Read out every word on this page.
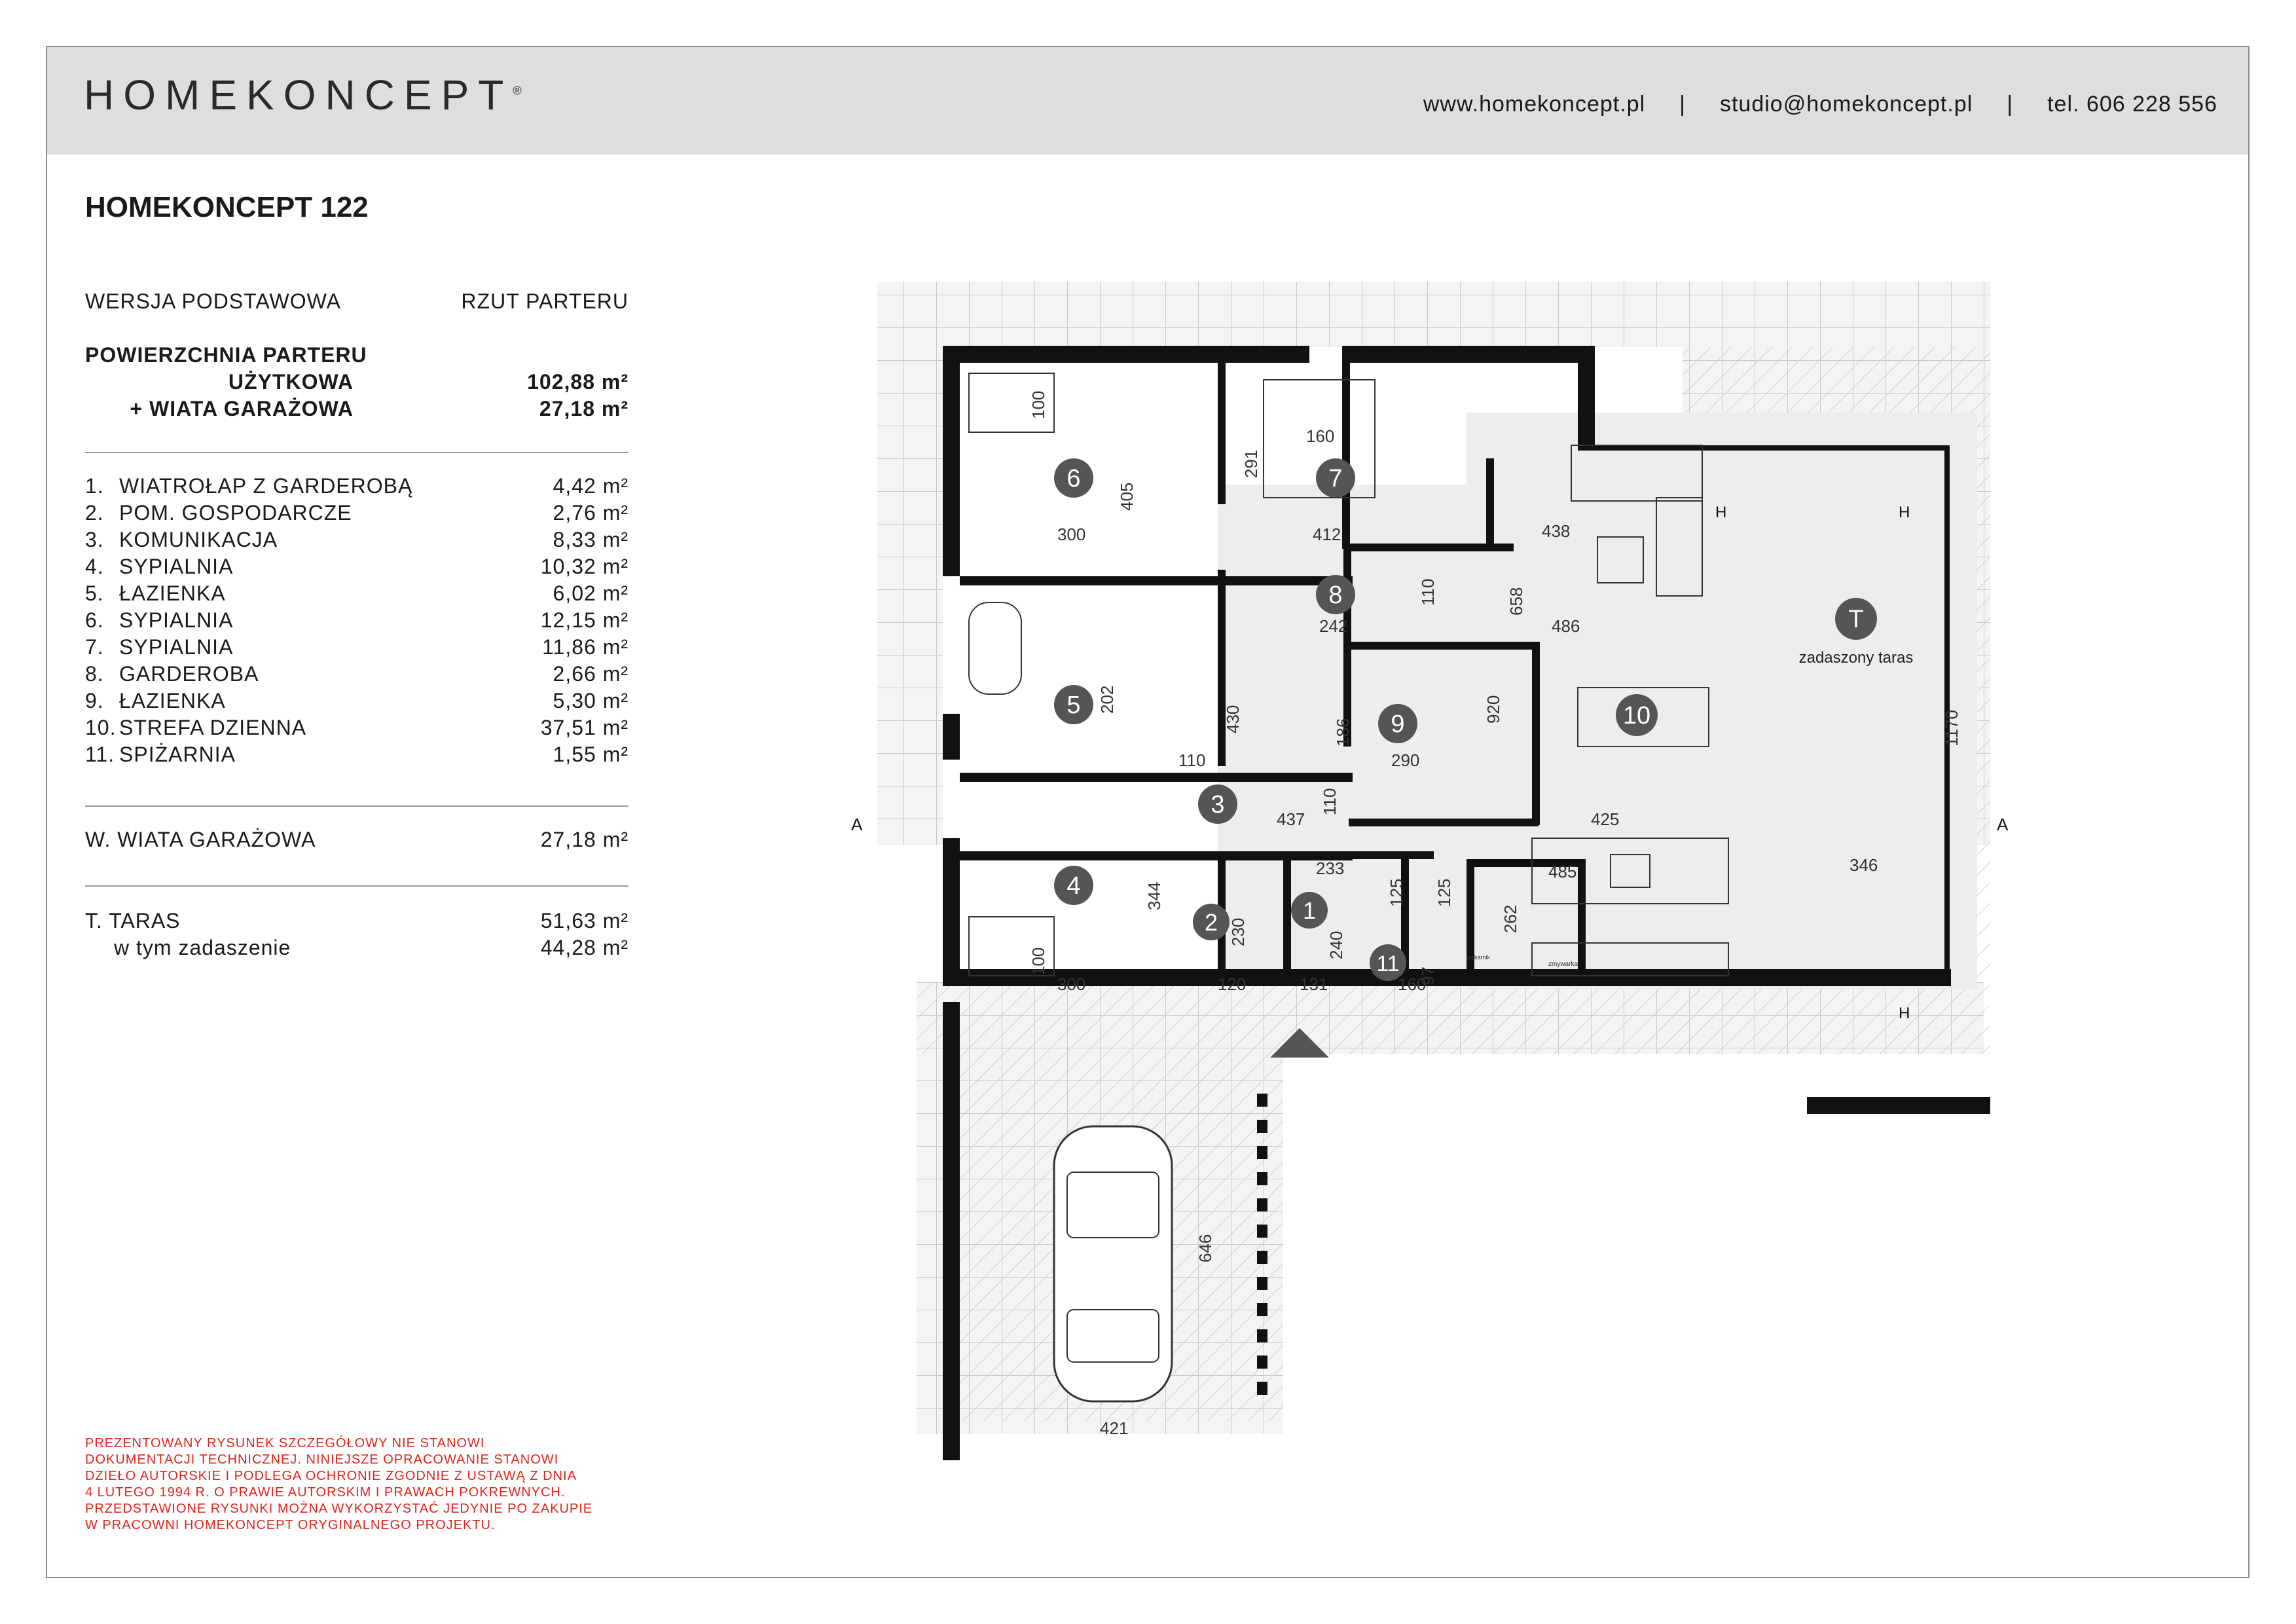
HOMEKONCEPT®
www.homekoncept.pl | studio@homekoncept.pl | tel. 606 228 556
HOMEKONCEPT 122
WERSJA PODSTAWOWA	RZUT PARTERU
POWIERZCHNIA PARTERU
UŻYTKOWA	102,88 m²
+ WIATA GARAŻOWA	27,18 m²
1. WIATROŁAP Z GARDEROBĄ	4,42 m²
2. POM. GOSPODARCZE	2,76 m²
3. KOMUNIKACJA	8,33 m²
4. SYPIALNIA	10,32 m²
5. ŁAZIENKA	6,02 m²
6. SYPIALNIA	12,15 m²
7. SYPIALNIA	11,86 m²
8. GARDEROBA	2,66 m²
9. ŁAZIENKA	5,30 m²
10. STREFA DZIENNA	37,51 m²
11. SPIŻARNIA	1,55 m²
W. WIATA GARAŻOWA	27,18 m²
T. TARAS	51,63 m²
w tym zadaszenie	44,28 m²
PREZENTOWANY RYSUNEK SZCZEGÓŁOWY NIE STANOWI
DOKUMENTACJI TECHNICZNEJ. NINIEJSZE OPRACOWANIE STANOWI
DZIEŁO AUTORSKIE I PODLEGA OCHRONIE ZGODNIE Z USTAWĄ Z DNIA
4 LUTEGO 1994 R. O PRAWIE AUTORSKIM I PRAWACH POKREWNYCH.
PRZEDSTAWIONE RYSUNKI MOŻNA WYKORZYSTAĆ JEDYNIE PO ZAKUPIE
W PRACOWNI HOMEKONCEPT ORYGINALNEGO PROJEKTU.
6	7
8
5
9	10
3
4
2	1
11
T
zadaszony taras
A	A
H	H
H
zmywarka
piekarnik
100
405
300
291
160
412	438
486
242
110	658
202
430	186
290
920
110
110
437	425
346
1170
233
125 125
485
344
230	240
262
100
300	120	131	97
160
646
421
